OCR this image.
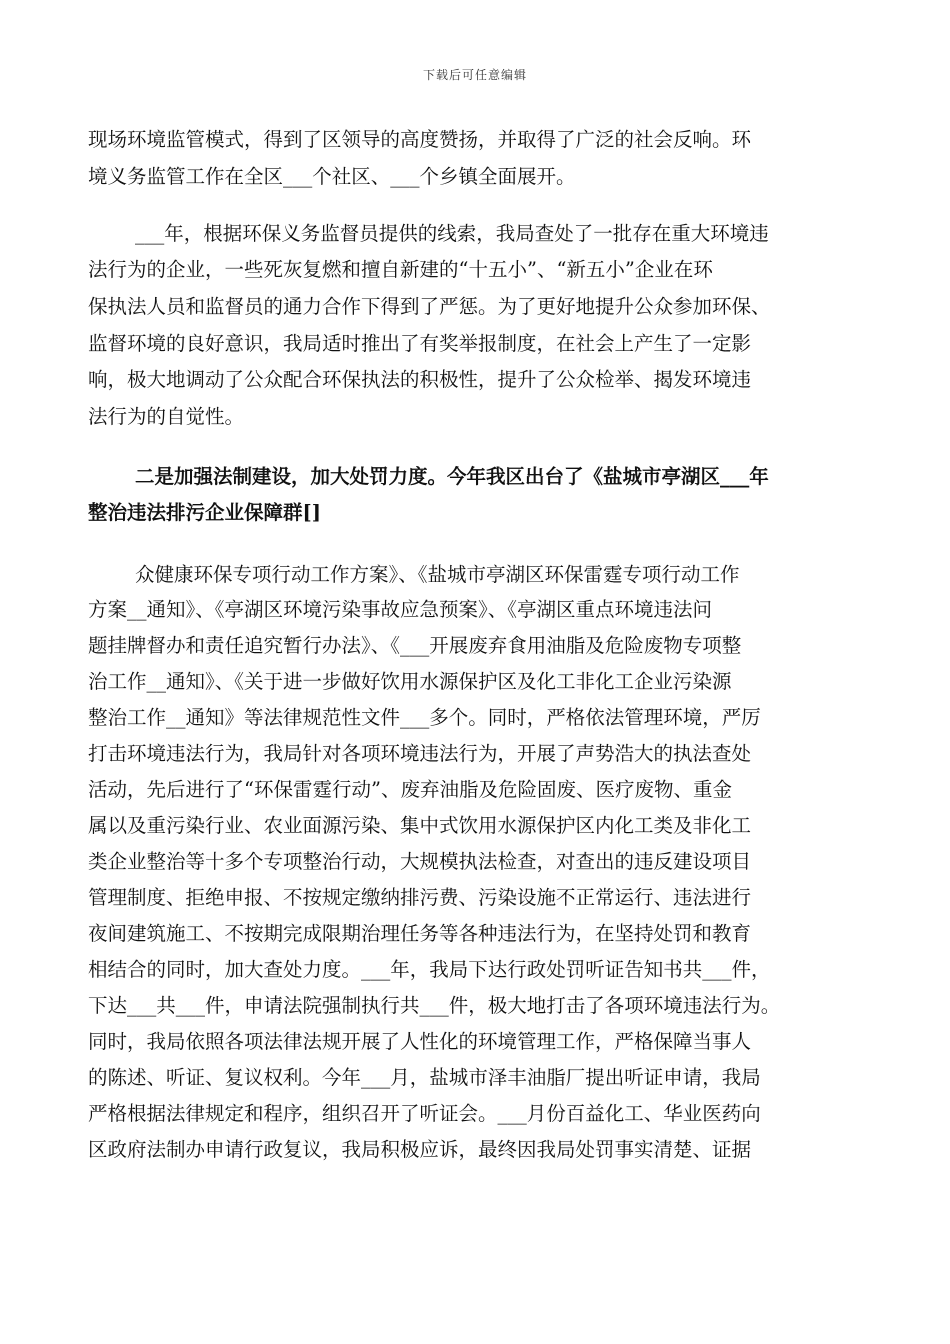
下载后可任意编辑
现场环境监管模式，得到了区领导的高度赞扬，并取得了广泛的社会反响。环
境义务监管工作在全区___个社区、___个乡镇全面展开。
___年，根据环保义务监督员提供的线索，我局查处了一批存在重大环境违
法行为的企业，一些死灰复燃和擅自新建的“十五小”、“新五小”企业在环
保执法人员和监督员的通力合作下得到了严惩。为了更好地提升公众参加环保、
监督环境的良好意识，我局适时推出了有奖举报制度，在社会上产生了一定影
响，极大地调动了公众配合环保执法的积极性，提升了公众检举、揭发环境违
法行为的自觉性。
二是加强法制建设，加大处罚力度。今年我区出台了《盐城市亭湖区___年
整治违法排污企业保障群[]
众健康环保专项行动工作方案》、《盐城市亭湖区环保雷霆专项行动工作
方案__通知》、《亭湖区环境污染事故应急预案》、《亭湖区重点环境违法问
题挂牌督办和责任追究暂行办法》、《___开展废弃食用油脂及危险废物专项整
治工作__通知》、《关于进一步做好饮用水源保护区及化工非化工企业污染源
整治工作__通知》等法律规范性文件___多个。同时，严格依法管理环境，严厉
打击环境违法行为，我局针对各项环境违法行为，开展了声势浩大的执法查处
活动，先后进行了“环保雷霆行动”、废弃油脂及危险固废、医疗废物、重金
属以及重污染行业、农业面源污染、集中式饮用水源保护区内化工类及非化工
类企业整治等十多个专项整治行动，大规模执法检查，对查出的违反建设项目
管理制度、拒绝申报、不按规定缴纳排污费、污染设施不正常运行、违法进行
夜间建筑施工、不按期完成限期治理任务等各种违法行为，在坚持处罚和教育
相结合的同时，加大查处力度。___年，我局下达行政处罚听证告知书共___件，
下达___共___件，申请法院强制执行共___件，极大地打击了各项环境违法行为。
同时，我局依照各项法律法规开展了人性化的环境管理工作，严格保障当事人
的陈述、听证、复议权利。今年___月，盐城市泽丰油脂厂提出听证申请，我局
严格根据法律规定和程序，组织召开了听证会。___月份百益化工、华业医药向
区政府法制办申请行政复议，我局积极应诉，最终因我局处罚事实清楚、证据
